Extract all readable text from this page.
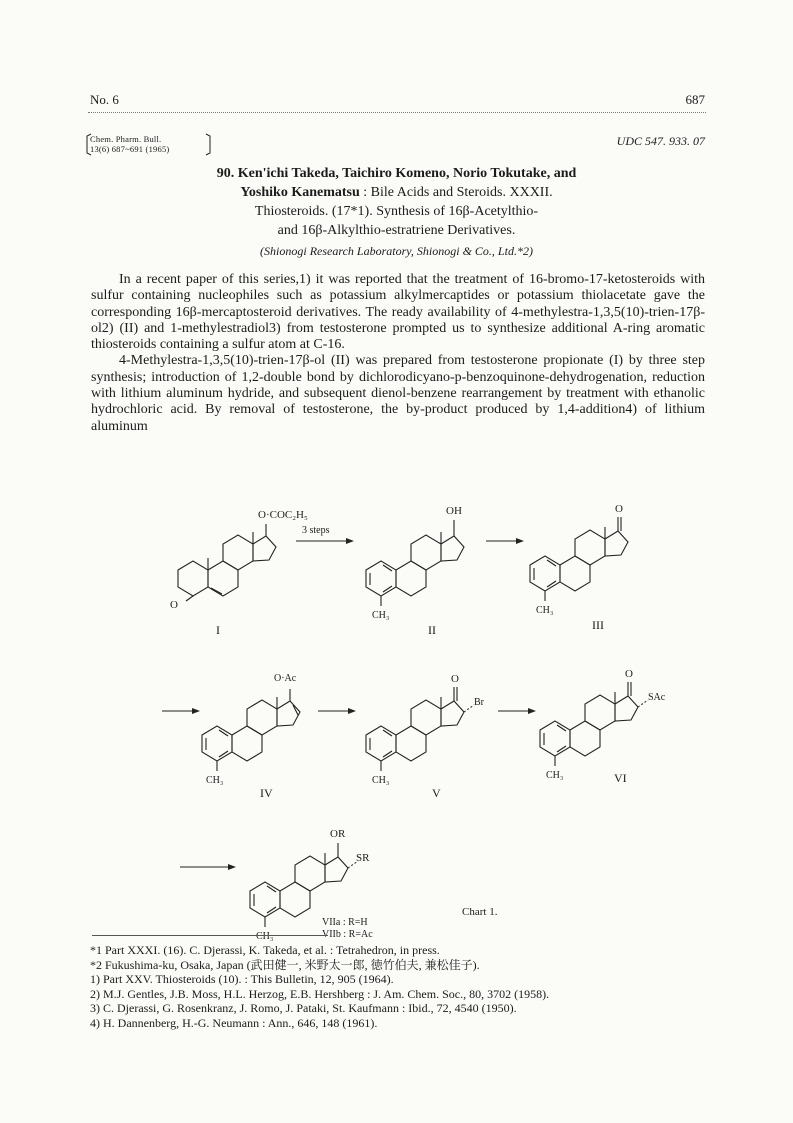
No. 6	687
Chem. Pharm. Bull.
13(6) 687~691 (1965)
UDC 547. 933. 07
90. Ken'ichi Takeda, Taichiro Komeno, Norio Tokutake, and
Yoshiko Kanematsu : Bile Acids and Steroids. XXXII.
Thiosteroids. (17*1). Synthesis of 16β-Acetylthio-
and 16β-Alkylthio-estratriene Derivatives.
(Shionogi Research Laboratory, Shionogi & Co., Ltd.*2)

In a recent paper of this series,1) it was reported that the treatment of 16-bromo-17-ketosteroids with sulfur containing nucleophiles such as potassium alkylmercaptides or potassium thiolacetate gave the corresponding 16β-mercaptosteroid derivatives. The ready availability of 4-methylestra-1,3,5(10)-trien-17β-ol2) (II) and 1-methylestradiol3) from testosterone prompted us to synthesize additional A-ring aromatic thiosteroids containing a sulfur atom at C-16.

4-Methylestra-1,3,5(10)-trien-17β-ol (II) was prepared from testosterone propionate (I) by three step synthesis; introduction of 1,2-double bond by dichlorodicyano-p-benzoquinone-dehydrogenation, reduction with lithium aluminum hydride, and subsequent dienol-benzene rearrangement by treatment with ethanolic hydrochloric acid. By removal of testosterone, the by-product produced by 1,4-addition4) of lithium aluminum

O
O·COC₂H₅
I
3 steps
OH
CH₃
II
O
CH₃
III
O·Ac
CH₃
IV
O
Br
CH₃
V
O
SAc
CH₃	VI
OR
SR
CH₃
VIIa : R=H
VIIb : R=Ac
Chart 1.
*1 Part XXXI. (16). C. Djerassi, K. Takeda, et al. : Tetrahedron, in press.
*2 Fukushima-ku, Osaka, Japan (武田健一, 米野太一郎, 徳竹伯夫, 兼松佳子).
1) Part XXV. Thiosteroids (10). : This Bulletin, 12, 905 (1964).
2) M.J. Gentles, J.B. Moss, H.L. Herzog, E.B. Hershberg : J. Am. Chem. Soc., 80, 3702 (1958).
3) C. Djerassi, G. Rosenkranz, J. Romo, J. Pataki, St. Kaufmann : Ibid., 72, 4540 (1950).
4) H. Dannenberg, H.-G. Neumann : Ann., 646, 148 (1961).
